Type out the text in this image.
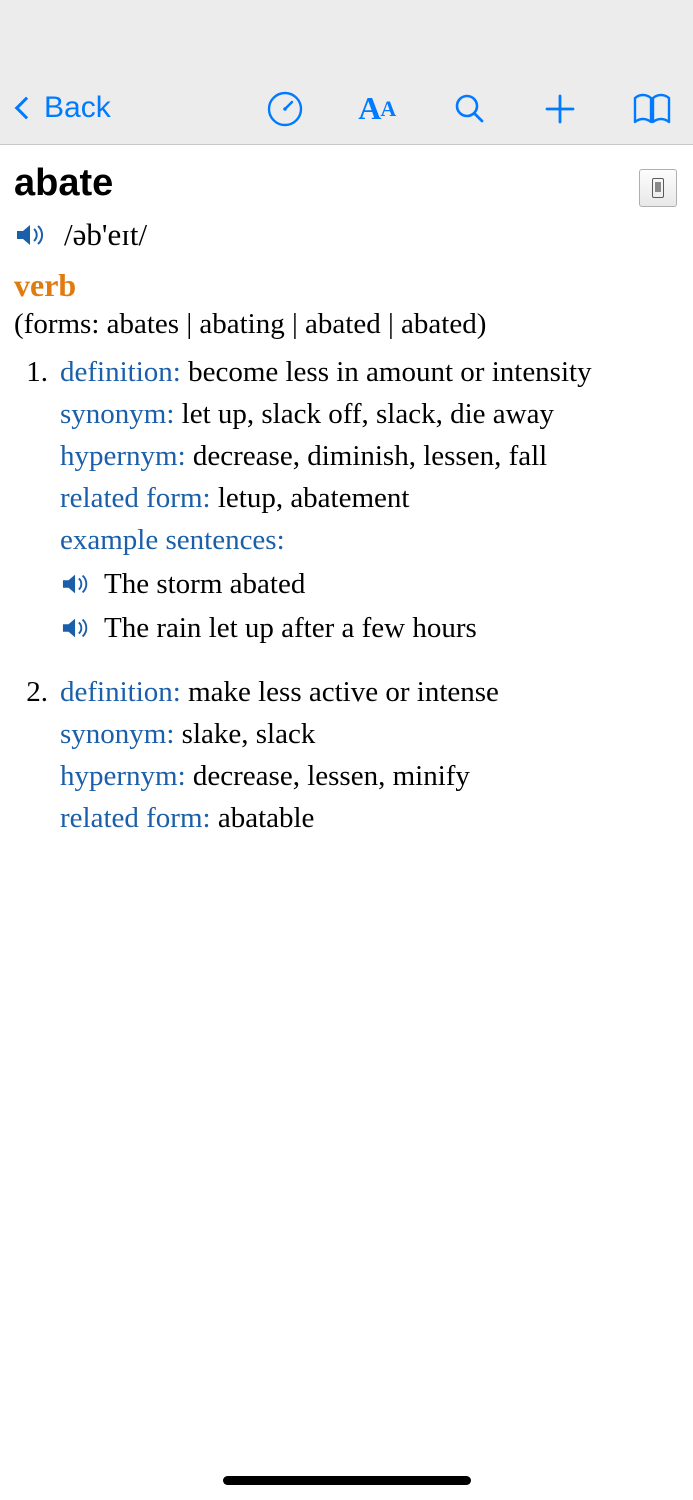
Back	A A
abate
/əb'eɪt/
verb
(forms: abates | abating | abated | abated)
1. definition: become less in amount or intensity
synonym: let up, slack off, slack, die away
hypernym: decrease, diminish, lessen, fall
related form: letup, abatement
example sentences:
The storm abated
The rain let up after a few hours
2. definition: make less active or intense
synonym: slake, slack
hypernym: decrease, lessen, minify
related form: abatable
